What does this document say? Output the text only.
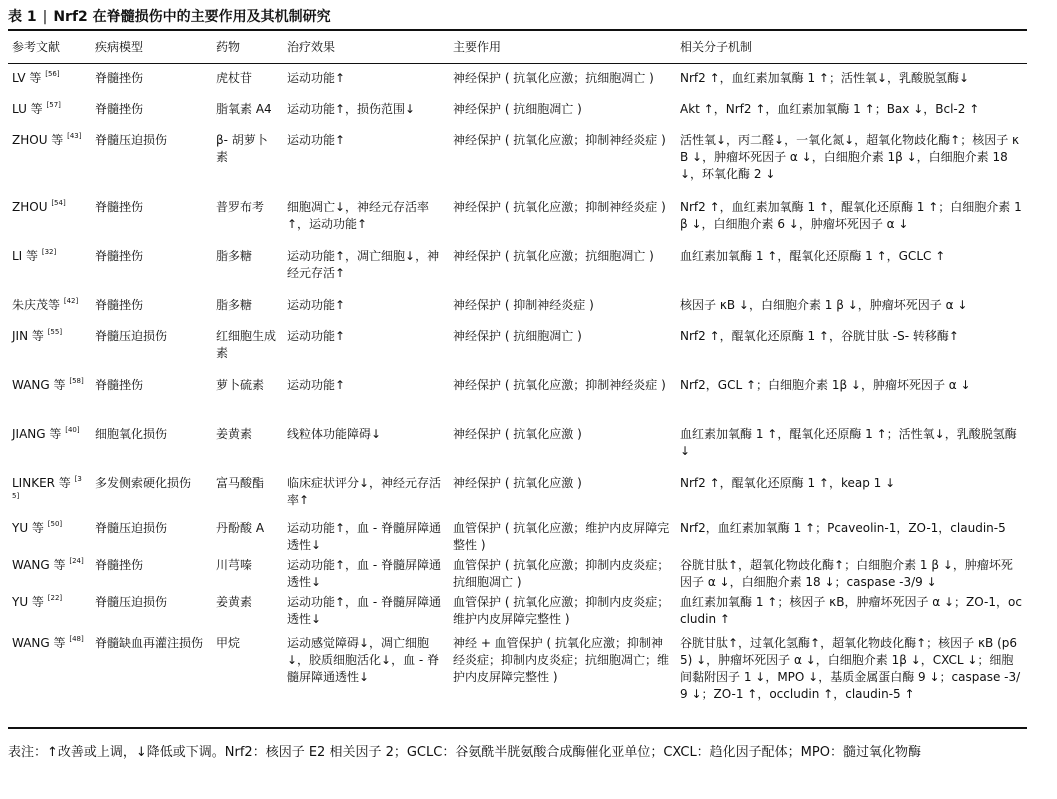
表 1 | Nrf2 在脊髓损伤中的主要作用及其机制研究
参考文献	疾病模型	药物	治疗效果	主要作用	相关分子机制
LV 等 [56]	脊髓挫伤	虎杖苷	运动功能↑	神经保护 ( 抗氧化应激；抗细胞凋亡 )	Nrf2 ↑，血红素加氧酶 1 ↑；活性氧↓，乳酸脱氢酶↓

LU 等 [57]	脊髓挫伤	脂氧素 A4	运动功能↑，损伤范围↓	神经保护 ( 抗细胞凋亡 )	Akt ↑，Nrf2 ↑，血红素加氧酶 1 ↑；Bax ↓，Bcl-2 ↑

ZHOU 等 [43]	脊髓压迫损伤	β- 胡萝卜素	运动功能↑	神经保护 ( 抗氧化应激；抑制神经炎症 )	活性氧↓，丙二醛↓，一氧化氮↓，超氧化物歧化酶↑；核因子 κB ↓，肿瘤坏死因子 α ↓，白细胞介素 1β ↓，白细胞介素 18 ↓，环氧化酶 2 ↓

ZHOU [54]	脊髓挫伤	普罗布考	细胞凋亡↓，神经元存活率↑，运动功能↑	神经保护 ( 抗氧化应激；抑制神经炎症 )	Nrf2 ↑，血红素加氧酶 1 ↑，醌氧化还原酶 1 ↑；白细胞介素 1β ↓，白细胞介素 6 ↓，肿瘤坏死因子 α ↓

LI 等 [32]	脊髓挫伤	脂多糖	运动功能↑，凋亡细胞↓，神经元存活↑	神经保护 ( 抗氧化应激；抗细胞凋亡 )	血红素加氧酶 1 ↑，醌氧化还原酶 1 ↑，GCLC ↑

朱庆茂等 [42]	脊髓挫伤	脂多糖	运动功能↑	神经保护 ( 抑制神经炎症 )	核因子 κB ↓，白细胞介素 1 β ↓，肿瘤坏死因子 α ↓

JIN 等 [55]	脊髓压迫损伤	红细胞生成素	运动功能↑	神经保护 ( 抗细胞凋亡 )	Nrf2 ↑，醌氧化还原酶 1 ↑，谷胱甘肽 -S- 转移酶↑

WANG 等 [58]	脊髓挫伤	萝卜硫素	运动功能↑	神经保护 ( 抗氧化应激；抑制神经炎症 )	Nrf2，GCL ↑；白细胞介素 1β ↓，肿瘤坏死因子 α ↓

JIANG 等 [40]	细胞氧化损伤	姜黄素	线粒体功能障碍↓	神经保护 ( 抗氧化应激 )	血红素加氧酶 1 ↑，醌氧化还原酶 1 ↑；活性氧↓，乳酸脱氢酶↓

LINKER 等 [35]	多发侧索硬化损伤	富马酸酯	临床症状评分↓，神经元存活率↑	神经保护 ( 抗氧化应激 )	Nrf2 ↑，醌氧化还原酶 1 ↑，keap 1 ↓

YU 等 [50]	脊髓压迫损伤	丹酚酸 A	运动功能↑，血 - 脊髓屏障通透性↓	血管保护 ( 抗氧化应激；维护内皮屏障完整性 )	Nrf2，血红素加氧酶 1 ↑；Pcaveolin-1，ZO-1，claudin-5

WANG 等 [24]	脊髓挫伤	川芎嗪	运动功能↑，血 - 脊髓屏障通透性↓	血管保护 ( 抗氧化应激；抑制内皮炎症；抗细胞凋亡 )	谷胱甘肽↑，超氧化物歧化酶↑；白细胞介素 1 β ↓，肿瘤坏死因子 α ↓，白细胞介素 18 ↓；caspase -3/9 ↓

YU 等 [22]	脊髓压迫损伤	姜黄素	运动功能↑，血 - 脊髓屏障通透性↓	血管保护 ( 抗氧化应激；抑制内皮炎症；维护内皮屏障完整性 )	血红素加氧酶 1 ↑；核因子 κB，肿瘤坏死因子 α ↓；ZO-1，occludin ↑

WANG 等 [48]	脊髓缺血再灌注损伤	甲烷	运动感觉障碍↓，凋亡细胞↓，胶质细胞活化↓，血 - 脊髓屏障通透性↓	神经 + 血管保护 ( 抗氧化应激；抑制神经炎症；抑制内皮炎症；抗细胞凋亡；维护内皮屏障完整性 )	谷胱甘肽↑，过氧化氢酶↑，超氧化物歧化酶↑；核因子 κB (p65) ↓，肿瘤坏死因子 α ↓，白细胞介素 1β ↓，CXCL ↓；细胞间黏附因子 1 ↓，MPO ↓，基质金属蛋白酶 9 ↓；caspase -3/9 ↓；ZO-1 ↑，occludin ↑，claudin-5 ↑
表注：↑改善或上调，↓降低或下调。Nrf2：核因子 E2 相关因子 2；GCLC：谷氨酰半胱氨酸合成酶催化亚单位；CXCL：趋化因子配体；MPO：髓过氧化物酶
